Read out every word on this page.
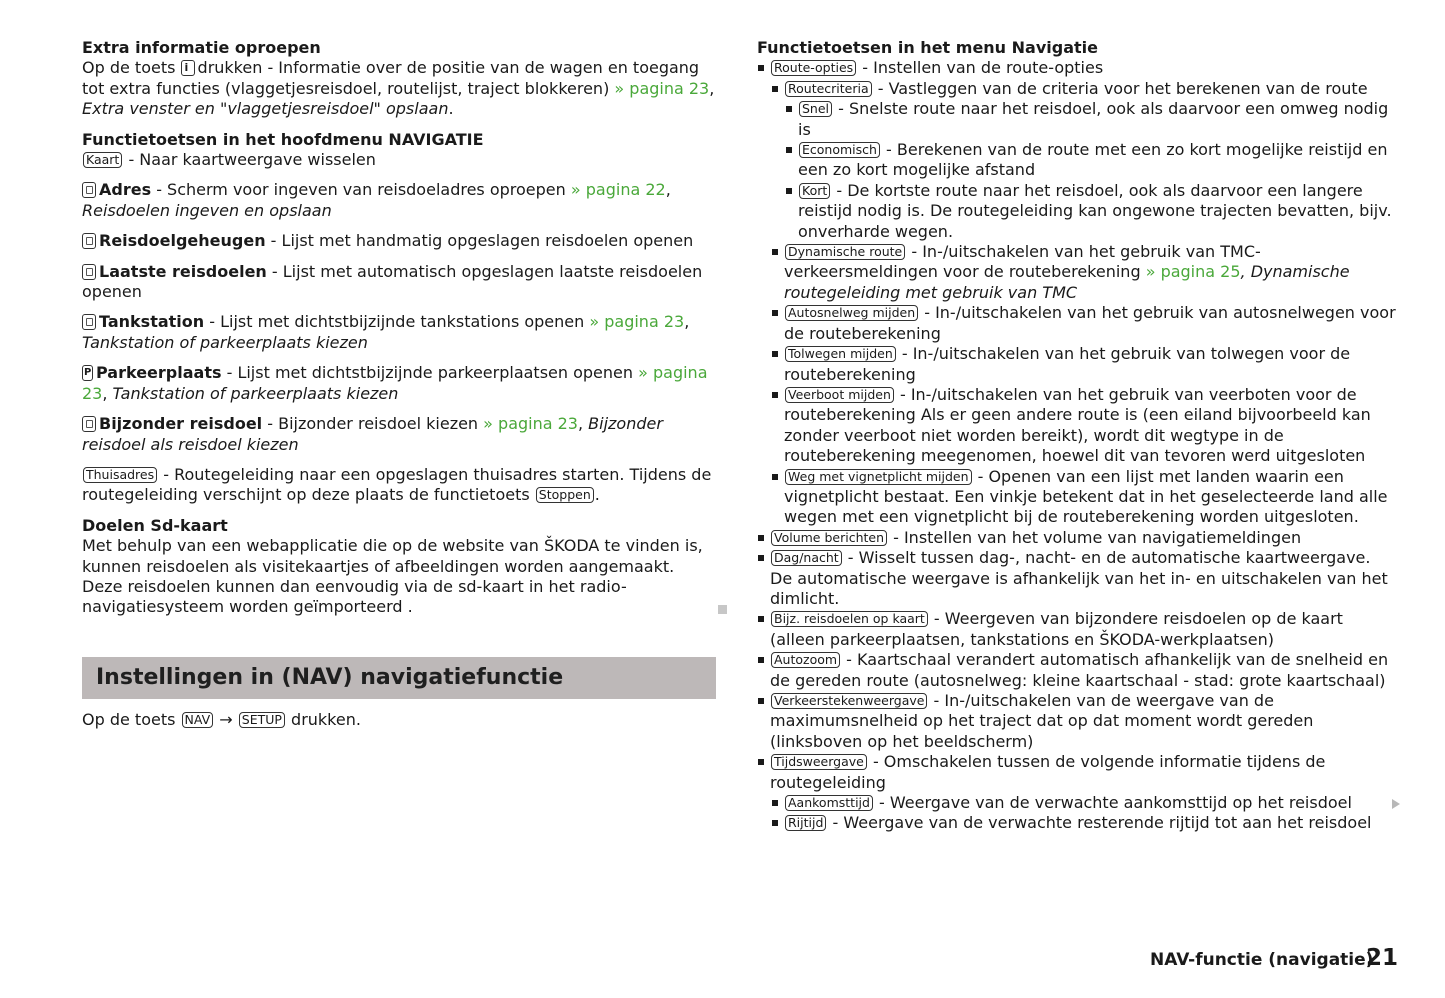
Extra informatie oproepen

Op de toets i drukken - Informatie over de positie van de wagen en toegang tot extra functies (vlaggetjesreisdoel, routelijst, traject blokkeren) » pagina 23, Extra venster en "vlaggetjesreisdoel" opslaan.

Functietoetsen in het hoofdmenu NAVIGATIE

Kaart - Naar kaartweergave wisselen

Adres - Scherm voor ingeven van reisdoeladres oproepen » pagina 22, Reisdoelen ingeven en opslaan

Reisdoelgeheugen - Lijst met handmatig opgeslagen reisdoelen openen

Laatste reisdoelen - Lijst met automatisch opgeslagen laatste reisdoelen openen

Tankstation - Lijst met dichtstbijzijnde tankstations openen » pagina 23, Tankstation of parkeerplaats kiezen

PParkeerplaats - Lijst met dichtstbijzijnde parkeerplaatsen openen » pagina 23, Tankstation of parkeerplaats kiezen

Bijzonder reisdoel - Bijzonder reisdoel kiezen » pagina 23, Bijzonder reisdoel als reisdoel kiezen

Thuisadres - Routegeleiding naar een opgeslagen thuisadres starten. Tijdens de routegeleiding verschijnt op deze plaats de functietoets Stoppen .

Doelen Sd-kaart

Met behulp van een webapplicatie die op de website van ŠKODA te vinden is, kunnen reisdoelen als visitekaartjes of afbeeldingen worden aangemaakt. Deze reisdoelen kunnen dan eenvoudig via de sd-kaart in het radio-navigatiesysteem worden geïmporteerd .

Instellingen in (NAV) navigatiefunctie
Op de toets NAV → SETUP drukken.

Functietoetsen in het menu Navigatie

Route-opties - Instellen van de route-opties
Routecriteria - Vastleggen van de criteria voor het berekenen van de route
Snel - Snelste route naar het reisdoel, ook als daarvoor een omweg nodig is
Economisch - Berekenen van de route met een zo kort mogelijke reistijd en een zo kort mogelijke afstand
Kort - De kortste route naar het reisdoel, ook als daarvoor een langere reistijd nodig is. De routegeleiding kan ongewone trajecten bevatten, bijv. onverharde wegen.
Dynamische route - In-/uitschakelen van het gebruik van TMC-verkeersmeldingen voor de routeberekening » pagina 25, Dynamische routegeleiding met gebruik van TMC
Autosnelweg mijden - In-/uitschakelen van het gebruik van autosnelwegen voor de routeberekening
Tolwegen mijden - In-/uitschakelen van het gebruik van tolwegen voor de routeberekening
Veerboot mijden - In-/uitschakelen van het gebruik van veerboten voor de routeberekening Als er geen andere route is (een eiland bijvoorbeeld kan zonder veerboot niet worden bereikt), wordt dit wegtype in de routeberekening meegenomen, hoewel dit van tevoren werd uitgesloten
Weg met vignetplicht mijden - Openen van een lijst met landen waarin een vignetplicht bestaat. Een vinkje betekent dat in het geselecteerde land alle wegen met een vignetplicht bij de routeberekening worden uitgesloten.
Volume berichten - Instellen van het volume van navigatiemeldingen
Dag/nacht - Wisselt tussen dag-, nacht- en de automatische kaartweergave. De automatische weergave is afhankelijk van het in- en uitschakelen van het dimlicht.
Bijz. reisdoelen op kaart - Weergeven van bijzondere reisdoelen op de kaart (alleen parkeerplaatsen, tankstations en ŠKODA-werkplaatsen)
Autozoom - Kaartschaal verandert automatisch afhankelijk van de snelheid en de gereden route (autosnelweg: kleine kaartschaal - stad: grote kaartschaal)
Verkeerstekenweergave - In-/uitschakelen van de weergave van de maximumsnelheid op het traject dat op dat moment wordt gereden (linksboven op het beeldscherm)
Tijdsweergave - Omschakelen tussen de volgende informatie tijdens de routegeleiding
Aankomsttijd - Weergave van de verwachte aankomsttijd op het reisdoel
Rijtijd - Weergave van de verwachte resterende rijtijd tot aan het reisdoel
NAV-functie (navigatie)
21
